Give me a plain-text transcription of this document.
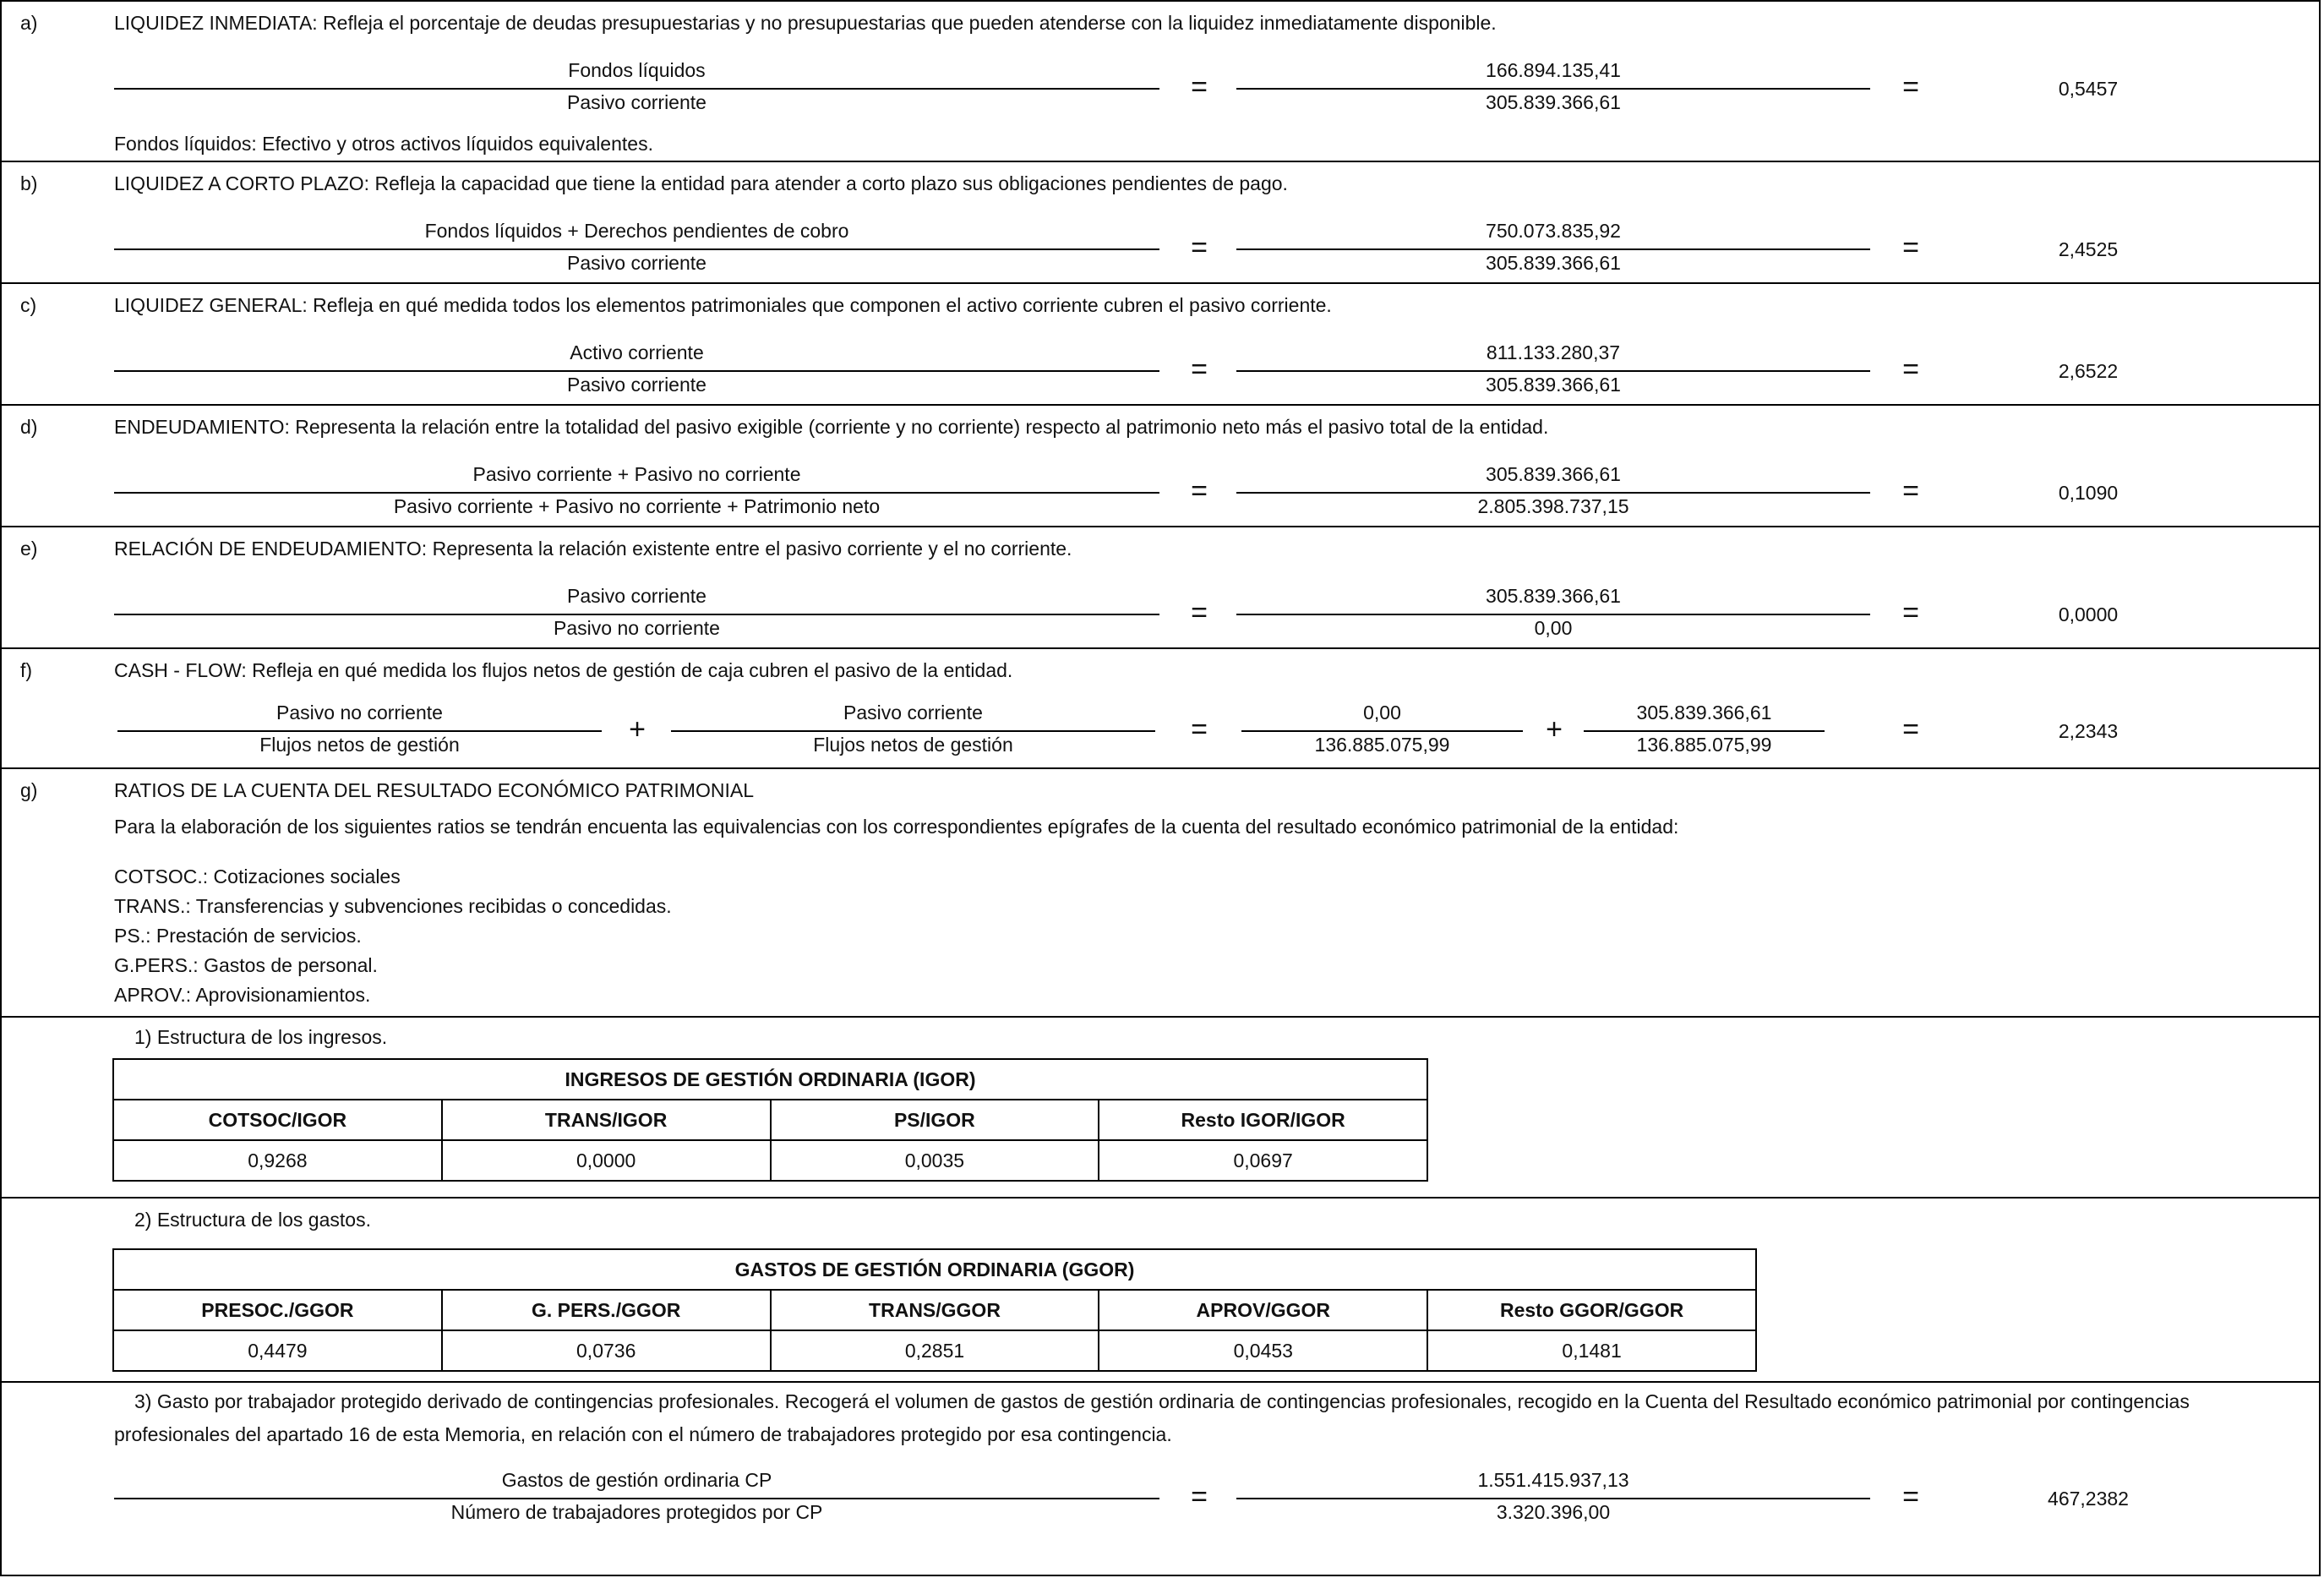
a)	LIQUIDEZ INMEDIATA: Refleja el porcentaje de deudas presupuestarias y no presupuestarias que pueden atenderse con la liquidez inmediatamente disponible.
Fondos líquidos
Pasivo corriente	=
166.894.135,41
305.839.366,61	=	0,5457
Fondos líquidos: Efectivo y otros activos líquidos equivalentes.
b)	LIQUIDEZ A CORTO PLAZO: Refleja la capacidad que tiene la entidad para atender a corto plazo sus obligaciones pendientes de pago.
Fondos líquidos + Derechos pendientes de cobro
Pasivo corriente	=
750.073.835,92
305.839.366,61	=	2,4525
c)	LIQUIDEZ GENERAL: Refleja en qué medida todos los elementos patrimoniales que componen el activo corriente cubren el pasivo corriente.
Activo corriente
Pasivo corriente	=
811.133.280,37
305.839.366,61	=	2,6522
d)	ENDEUDAMIENTO: Representa la relación entre la totalidad del pasivo exigible (corriente y no corriente) respecto al patrimonio neto más el pasivo total de la entidad.
Pasivo corriente + Pasivo no corriente
Pasivo corriente + Pasivo no corriente + Patrimonio neto	=
305.839.366,61
2.805.398.737,15	=	0,1090
e)	RELACIÓN DE ENDEUDAMIENTO: Representa la relación existente entre el pasivo corriente y el no corriente.
Pasivo corriente
Pasivo no corriente	=
305.839.366,61
0,00	=	0,0000
f)	CASH - FLOW: Refleja en qué medida los flujos netos de gestión de caja cubren el pasivo de la entidad.
Pasivo no corriente
Flujos netos de gestión	+
Pasivo corriente
Flujos netos de gestión	=
0,00
136.885.075,99	+
305.839.366,61
136.885.075,99	=	2,2343
g)	RATIOS DE LA CUENTA DEL RESULTADO ECONÓMICO PATRIMONIAL
Para la elaboración de los siguientes ratios se tendrán encuenta las equivalencias con los correspondientes epígrafes de la cuenta del resultado económico patrimonial de la entidad:
COTSOC.: Cotizaciones sociales
TRANS.: Transferencias y subvenciones recibidas o concedidas.
PS.: Prestación de servicios.
G.PERS.: Gastos de personal.
APROV.: Aprovisionamientos.
1) Estructura de los ingresos.
INGRESOS DE GESTIÓN ORDINARIA (IGOR)			
COTSOC/IGOR	TRANS/IGOR	PS/IGOR	Resto IGOR/IGOR
0,9268	0,0000	0,0035	0,0697
2) Estructura de los gastos.
GASTOS DE GESTIÓN ORDINARIA (GGOR)				
PRESOC./GGOR	G. PERS./GGOR	TRANS/GGOR	APROV/GGOR	Resto GGOR/GGOR
0,4479	0,0736	0,2851	0,0453	0,1481
3) Gasto por trabajador protegido derivado de contingencias profesionales. Recogerá el volumen de gastos de gestión ordinaria de contingencias profesionales, recogido en la Cuenta del Resultado económico patrimonial por contingencias profesionales del apartado 16 de esta Memoria, en relación con el número de trabajadores protegido por esa contingencia.
Gastos de gestión ordinaria CP
Número de trabajadores protegidos por CP	=
1.551.415.937,13
3.320.396,00	=	467,2382
